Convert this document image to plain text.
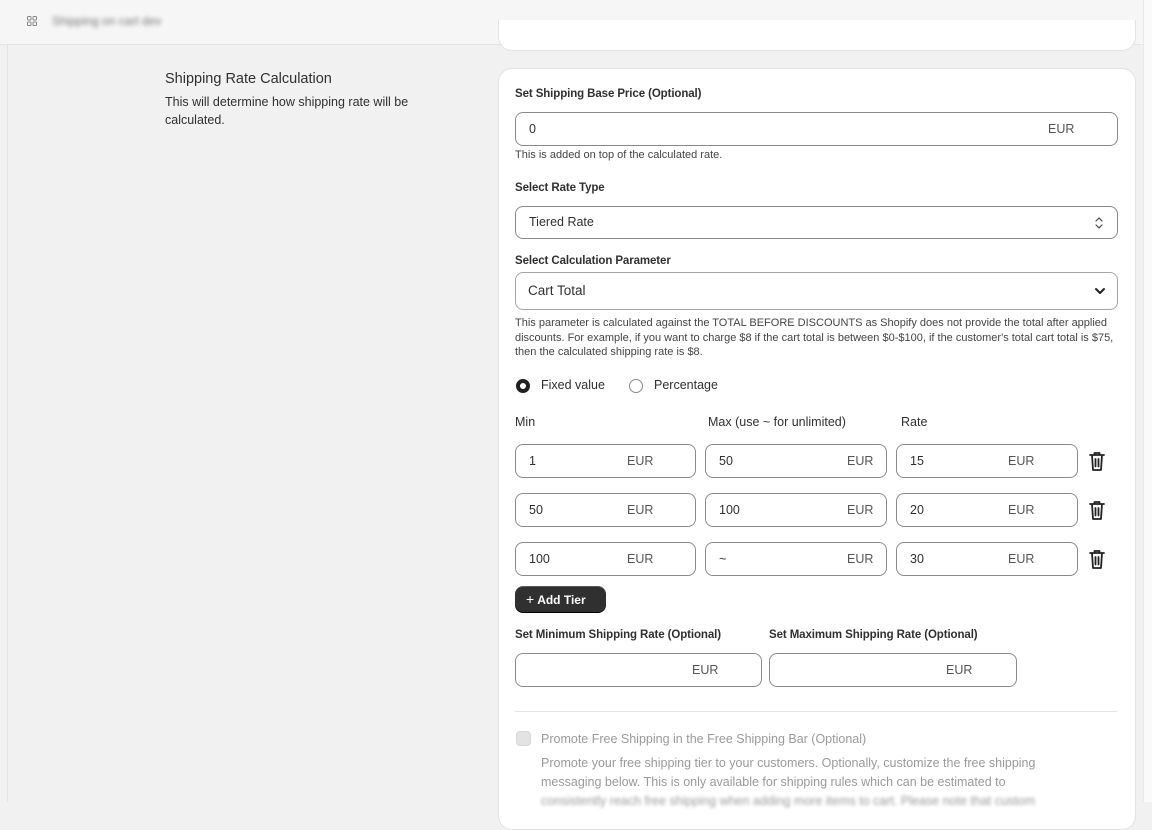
Shipping on cart dev
Shipping Rate Calculation
This will determine how shipping rate will be calculated.
Set Shipping Base Price (Optional)
0	EUR
This is added on top of the calculated rate.
Select Rate Type
Tiered Rate
Select Calculation Parameter
Cart Total
This parameter is calculated against the TOTAL BEFORE DISCOUNTS as Shopify does not provide the total after applied discounts. For example, if you want to charge $8 if the cart total is between $0-$100, if the customer's total cart total is $75, then the calculated shipping rate is $8.
Fixed value	Percentage
Min	Max (use ~ for unlimited)	Rate
1	EUR	50	EUR	15	EUR
50	EUR	100	EUR	20	EUR
100	EUR	~	EUR	30	EUR
+ Add Tier
Set Minimum Shipping Rate (Optional)	Set Maximum Shipping Rate (Optional)
EUR	EUR
Promote Free Shipping in the Free Shipping Bar (Optional)
Promote your free shipping tier to your customers. Optionally, customize the free shipping
messaging below. This is only available for shipping rules which can be estimated to
consistently reach free shipping when adding more items to cart. Please note that custom
